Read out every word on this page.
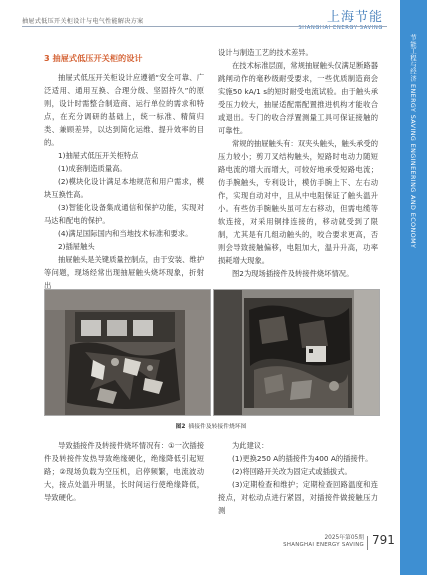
抽屉式低压开关柜设计与电气性能解决方案	上海节能
SHANGHAI ENERGY SAVING
节能工程与经济 ENERGY SAVING ENGINEERING AND ECONOMY

3 抽屉式低压开关柜的设计

抽屉式低压开关柜设计应遵循“安全可靠、广泛适用、通用互换、合理分级、坚固持久”的原则，设计时需整合制造商、运行单位的需求和特点，在充分调研的基础上，统一标准、精简归类、兼顾差异，以达到简化运维、提升效率的目的。

1)抽屉式低压开关柜特点

(1)成套制造质量高。

(2)模块化设计满足本地规范和用户需求，模块互换性高。

(3)智能化设备集成通信和保护功能，实现对马达和配电的保护。

(4)满足国际国内和当地技术标准和要求。

2)插屉触头

抽屉触头是关键质量控制点，由于安装、维护等问题，现场经常出现抽屉触头烧坏现象，折射出

设计与制造工艺的技术差异。

在技术标准层面，常规抽屉触头仅满足断路器跳闸动作的毫秒级耐受要求，一些优质制造商会实施50 kA/1 s的短时耐受电流试验。由于触头承受压力较大，抽屉适配需配置推进机构才能收合或退出。专门的收合浮置测量工具可保证接触的可靠性。

常规的抽屉触头有：双夹头触头，触头承受的压力较小；剪刀叉结构触头，短路时电动力随短路电流的增大而增大，可较好地承受短路电流；仿手腕触头，专利设计，模仿手腕上下、左右动作，实现自动对中，且从中电阻保证了触头温升小。有些仿手腕触头虽可左右移动，但需电缆等软连接，对采用铜排连接的，移动就受到了限制，尤其是有几组动触头的，咬合要求更高，否则会导致接触偏移，电阻加大，温升升高，功率损耗增大现象。

图2为现场插接件及转接件烧坏情况。

图2 插接件及转接件烧坏图

导致插接件及转接件烧坏情况有：①一次插接件及转接件发热导致绝缘硬化，绝缘降低引起短路；②现场负载为空压机，启停频繁，电流波动大，接点处温升明显，长时间运行使绝缘降低，导致硬化。

为此建议：

(1)更换250 A的插接件为400 A的插接件。

(2)将回路开关改为固定式或插拔式。

(3)定期检查和维护；定期检查回路温度和连接点，对松动点进行紧固，对插接件做接触压力测

2025年第05期
SHANGHAI ENERGY SAVING 791
